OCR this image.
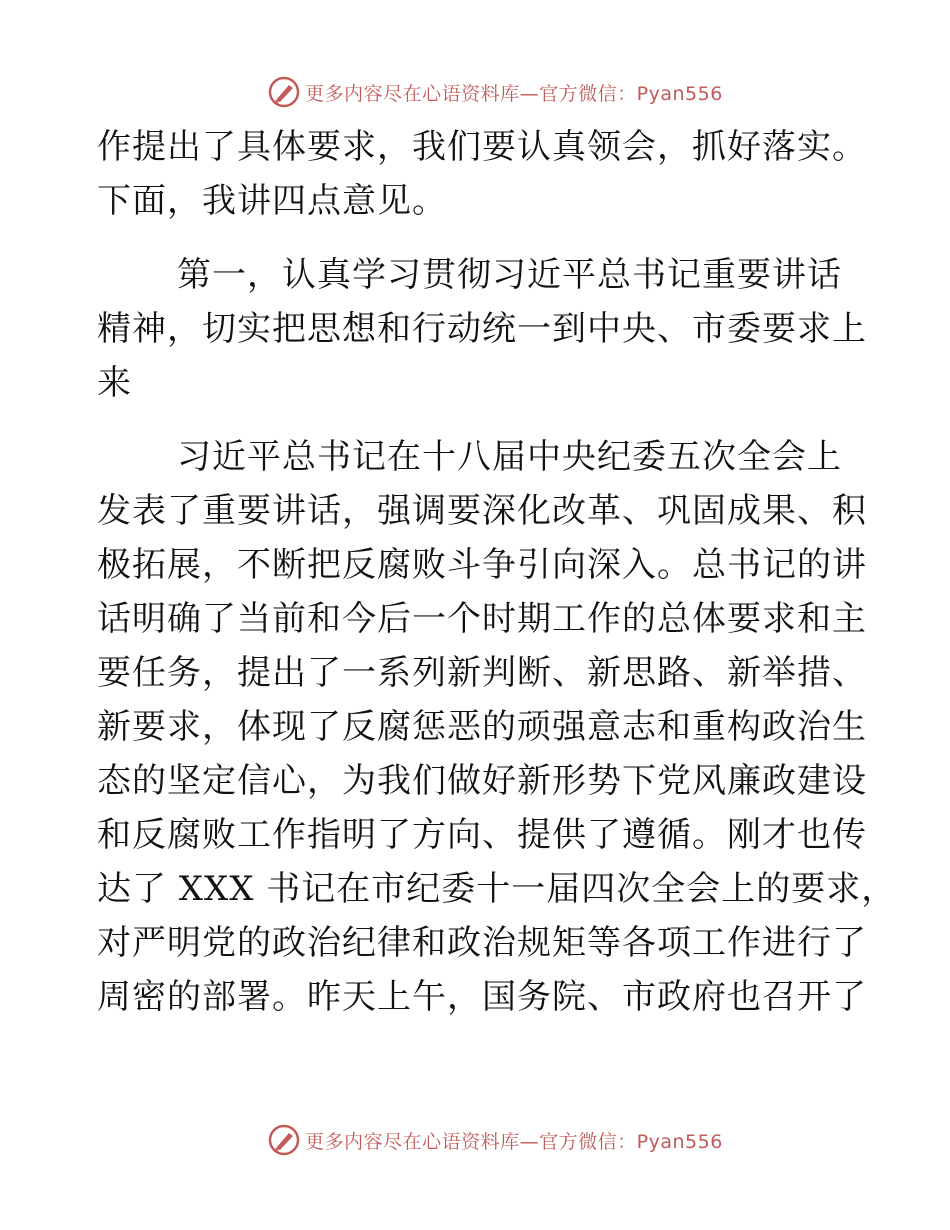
更多内容尽在心语资料库—官方微信：Pyan556
作提出了具体要求，我们要认真领会，抓好落实。
下面，我讲四点意见。
第一，认真学习贯彻习近平总书记重要讲话
精神，切实把思想和行动统一到中央、市委要求上
来
习近平总书记在十八届中央纪委五次全会上
发表了重要讲话，强调要深化改革、巩固成果、积
极拓展，不断把反腐败斗争引向深入。总书记的讲
话明确了当前和今后一个时期工作的总体要求和主
要任务，提出了一系列新判断、新思路、新举措、
新要求，体现了反腐惩恶的顽强意志和重构政治生
态的坚定信心，为我们做好新形势下党风廉政建设
和反腐败工作指明了方向、提供了遵循。刚才也传
达了 XXX 书记在市纪委十一届四次全会上的要求，
对严明党的政治纪律和政治规矩等各项工作进行了
周密的部署。昨天上午，国务院、市政府也召开了
更多内容尽在心语资料库—官方微信：Pyan556
